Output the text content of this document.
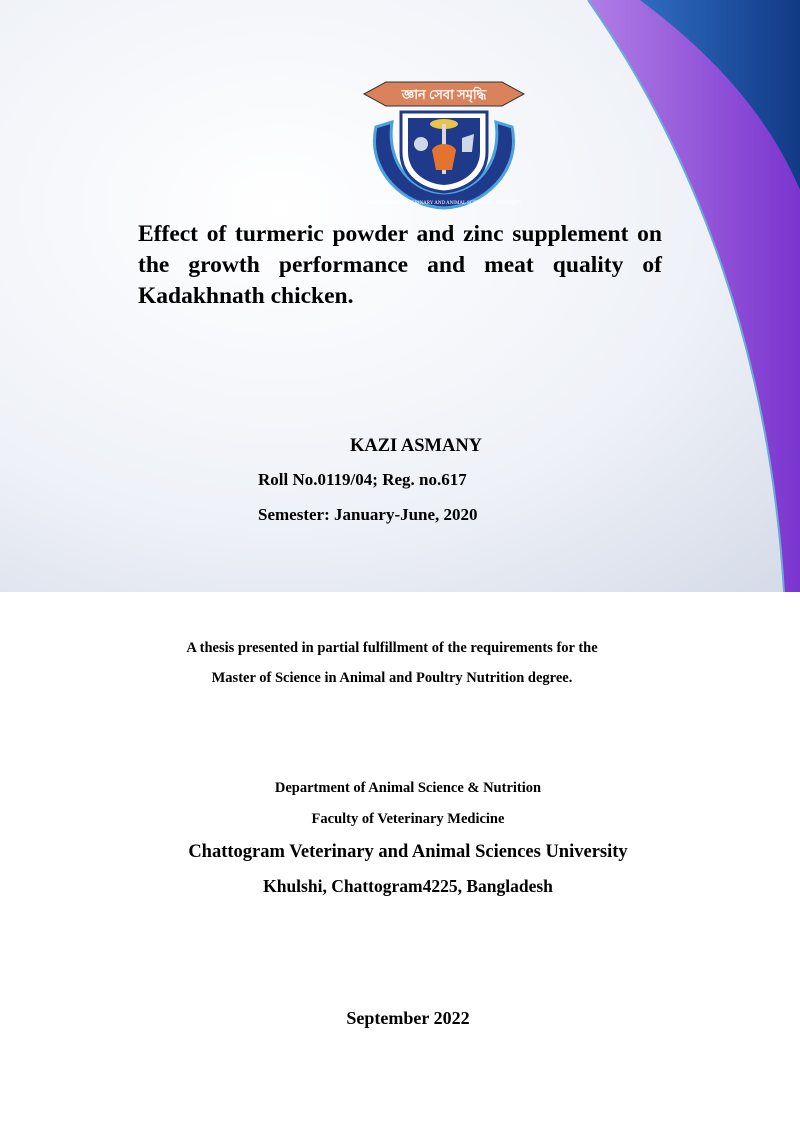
জ্ঞান সেবা সমৃদ্ধি
CHATTOGRAM VETERINARY AND ANIMAL SCIENCES UNIVERSITY
Effect of turmeric powder and zinc supplement on the growth performance and meat quality of Kadakhnath chicken.
KAZI ASMANY
Roll No.0119/04; Reg. no.617
Semester: January-June, 2020
A thesis presented in partial fulfillment of the requirements for the
Master of Science in Animal and Poultry Nutrition degree.
Department of Animal Science & Nutrition
Faculty of Veterinary Medicine
Chattogram Veterinary and Animal Sciences University
Khulshi, Chattogram4225, Bangladesh
September 2022
